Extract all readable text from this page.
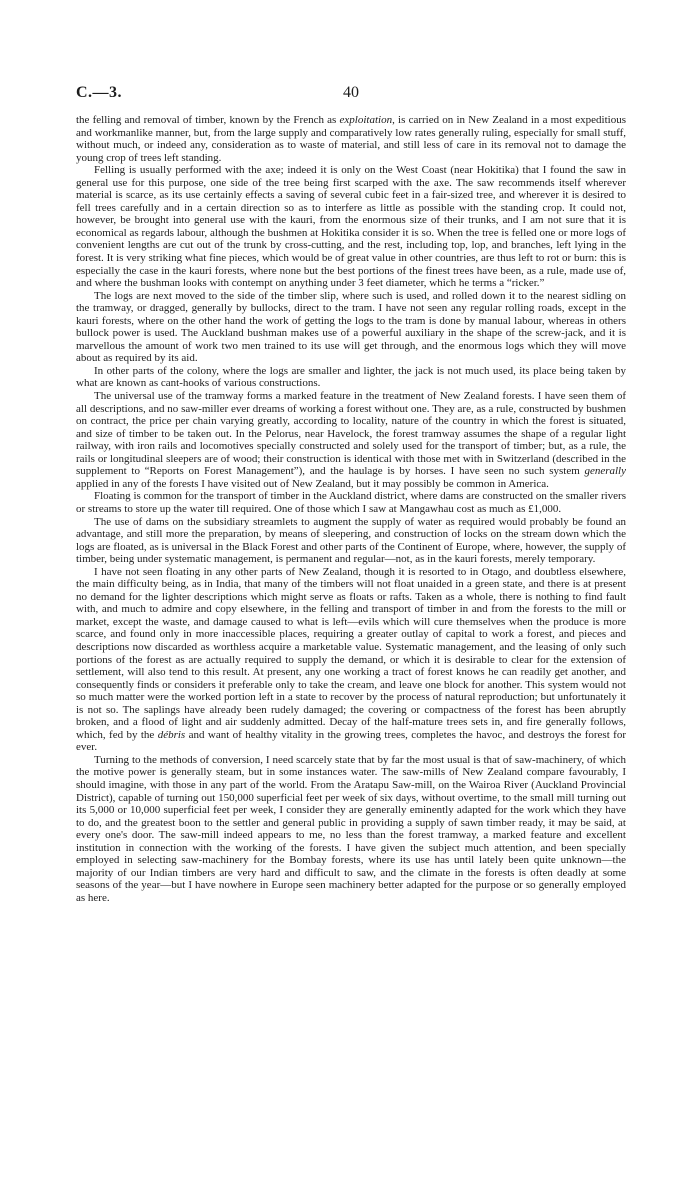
C.—3.	40

the felling and removal of timber, known by the French as exploitation, is carried on in New Zealand in a most expeditious and workmanlike manner, but, from the large supply and comparatively low rates generally ruling, especially for small stuff, without much, or indeed any, consideration as to waste of material, and still less of care in its removal not to damage the young crop of trees left standing.

Felling is usually performed with the axe; indeed it is only on the West Coast (near Hokitika) that I found the saw in general use for this purpose, one side of the tree being first scarped with the axe. The saw recommends itself wherever material is scarce, as its use certainly effects a saving of several cubic feet in a fair-sized tree, and wherever it is desired to fell trees carefully and in a certain direction so as to interfere as little as possible with the standing crop. It could not, however, be brought into general use with the kauri, from the enormous size of their trunks, and I am not sure that it is economical as regards labour, although the bushmen at Hokitika consider it is so. When the tree is felled one or more logs of convenient lengths are cut out of the trunk by cross-cutting, and the rest, including top, lop, and branches, left lying in the forest. It is very striking what fine pieces, which would be of great value in other countries, are thus left to rot or burn: this is especially the case in the kauri forests, where none but the best portions of the finest trees have been, as a rule, made use of, and where the bushman looks with contempt on anything under 3 feet diameter, which he terms a “ricker.”

The logs are next moved to the side of the timber slip, where such is used, and rolled down it to the nearest sidling on the tramway, or dragged, generally by bullocks, direct to the tram. I have not seen any regular rolling roads, except in the kauri forests, where on the other hand the work of getting the logs to the tram is done by manual labour, whereas in others bullock power is used. The Auckland bushman makes use of a powerful auxiliary in the shape of the screw-jack, and it is marvellous the amount of work two men trained to its use will get through, and the enormous logs which they will move about as required by its aid.

In other parts of the colony, where the logs are smaller and lighter, the jack is not much used, its place being taken by what are known as cant-hooks of various constructions.

The universal use of the tramway forms a marked feature in the treatment of New Zealand forests. I have seen them of all descriptions, and no saw-miller ever dreams of working a forest without one. They are, as a rule, constructed by bushmen on contract, the price per chain varying greatly, according to locality, nature of the country in which the forest is situated, and size of timber to be taken out. In the Pelorus, near Havelock, the forest tramway assumes the shape of a regular light railway, with iron rails and locomotives specially constructed and solely used for the transport of timber; but, as a rule, the rails or longitudinal sleepers are of wood; their construction is identical with those met with in Switzerland (described in the supplement to “Reports on Forest Management”), and the haulage is by horses. I have seen no such system generally applied in any of the forests I have visited out of New Zealand, but it may possibly be common in America.

Floating is common for the transport of timber in the Auckland district, where dams are constructed on the smaller rivers or streams to store up the water till required. One of those which I saw at Mangawhau cost as much as £1,000.

The use of dams on the subsidiary streamlets to augment the supply of water as required would probably be found an advantage, and still more the preparation, by means of sleepering, and construction of locks on the stream down which the logs are floated, as is universal in the Black Forest and other parts of the Continent of Europe, where, however, the supply of timber, being under systematic management, is permanent and regular—not, as in the kauri forests, merely temporary.

I have not seen floating in any other parts of New Zealand, though it is resorted to in Otago, and doubtless elsewhere, the main difficulty being, as in India, that many of the timbers will not float unaided in a green state, and there is at present no demand for the lighter descriptions which might serve as floats or rafts. Taken as a whole, there is nothing to find fault with, and much to admire and copy elsewhere, in the felling and transport of timber in and from the forests to the mill or market, except the waste, and damage caused to what is left—evils which will cure themselves when the produce is more scarce, and found only in more inaccessible places, requiring a greater outlay of capital to work a forest, and pieces and descriptions now discarded as worthless acquire a marketable value. Systematic management, and the leasing of only such portions of the forest as are actually required to supply the demand, or which it is desirable to clear for the extension of settlement, will also tend to this result. At present, any one working a tract of forest knows he can readily get another, and consequently finds or considers it preferable only to take the cream, and leave one block for another. This system would not so much matter were the worked portion left in a state to recover by the process of natural reproduction; but unfortunately it is not so. The saplings have already been rudely damaged; the covering or compactness of the forest has been abruptly broken, and a flood of light and air suddenly admitted. Decay of the half-mature trees sets in, and fire generally follows, which, fed by the débris and want of healthy vitality in the growing trees, completes the havoc, and destroys the forest for ever.

Turning to the methods of conversion, I need scarcely state that by far the most usual is that of saw-machinery, of which the motive power is generally steam, but in some instances water. The saw-mills of New Zealand compare favourably, I should imagine, with those in any part of the world. From the Aratapu Saw-mill, on the Wairoa River (Auckland Provincial District), capable of turning out 150,000 superficial feet per week of six days, without overtime, to the small mill turning out its 5,000 or 10,000 superficial feet per week, I consider they are generally eminently adapted for the work which they have to do, and the greatest boon to the settler and general public in providing a supply of sawn timber ready, it may be said, at every one's door. The saw-mill indeed appears to me, no less than the forest tramway, a marked feature and excellent institution in connection with the working of the forests. I have given the subject much attention, and been specially employed in selecting saw-machinery for the Bombay forests, where its use has until lately been quite unknown—the majority of our Indian timbers are very hard and difficult to saw, and the climate in the forests is often deadly at some seasons of the year—but I have nowhere in Europe seen machinery better adapted for the purpose or so generally employed as here.
